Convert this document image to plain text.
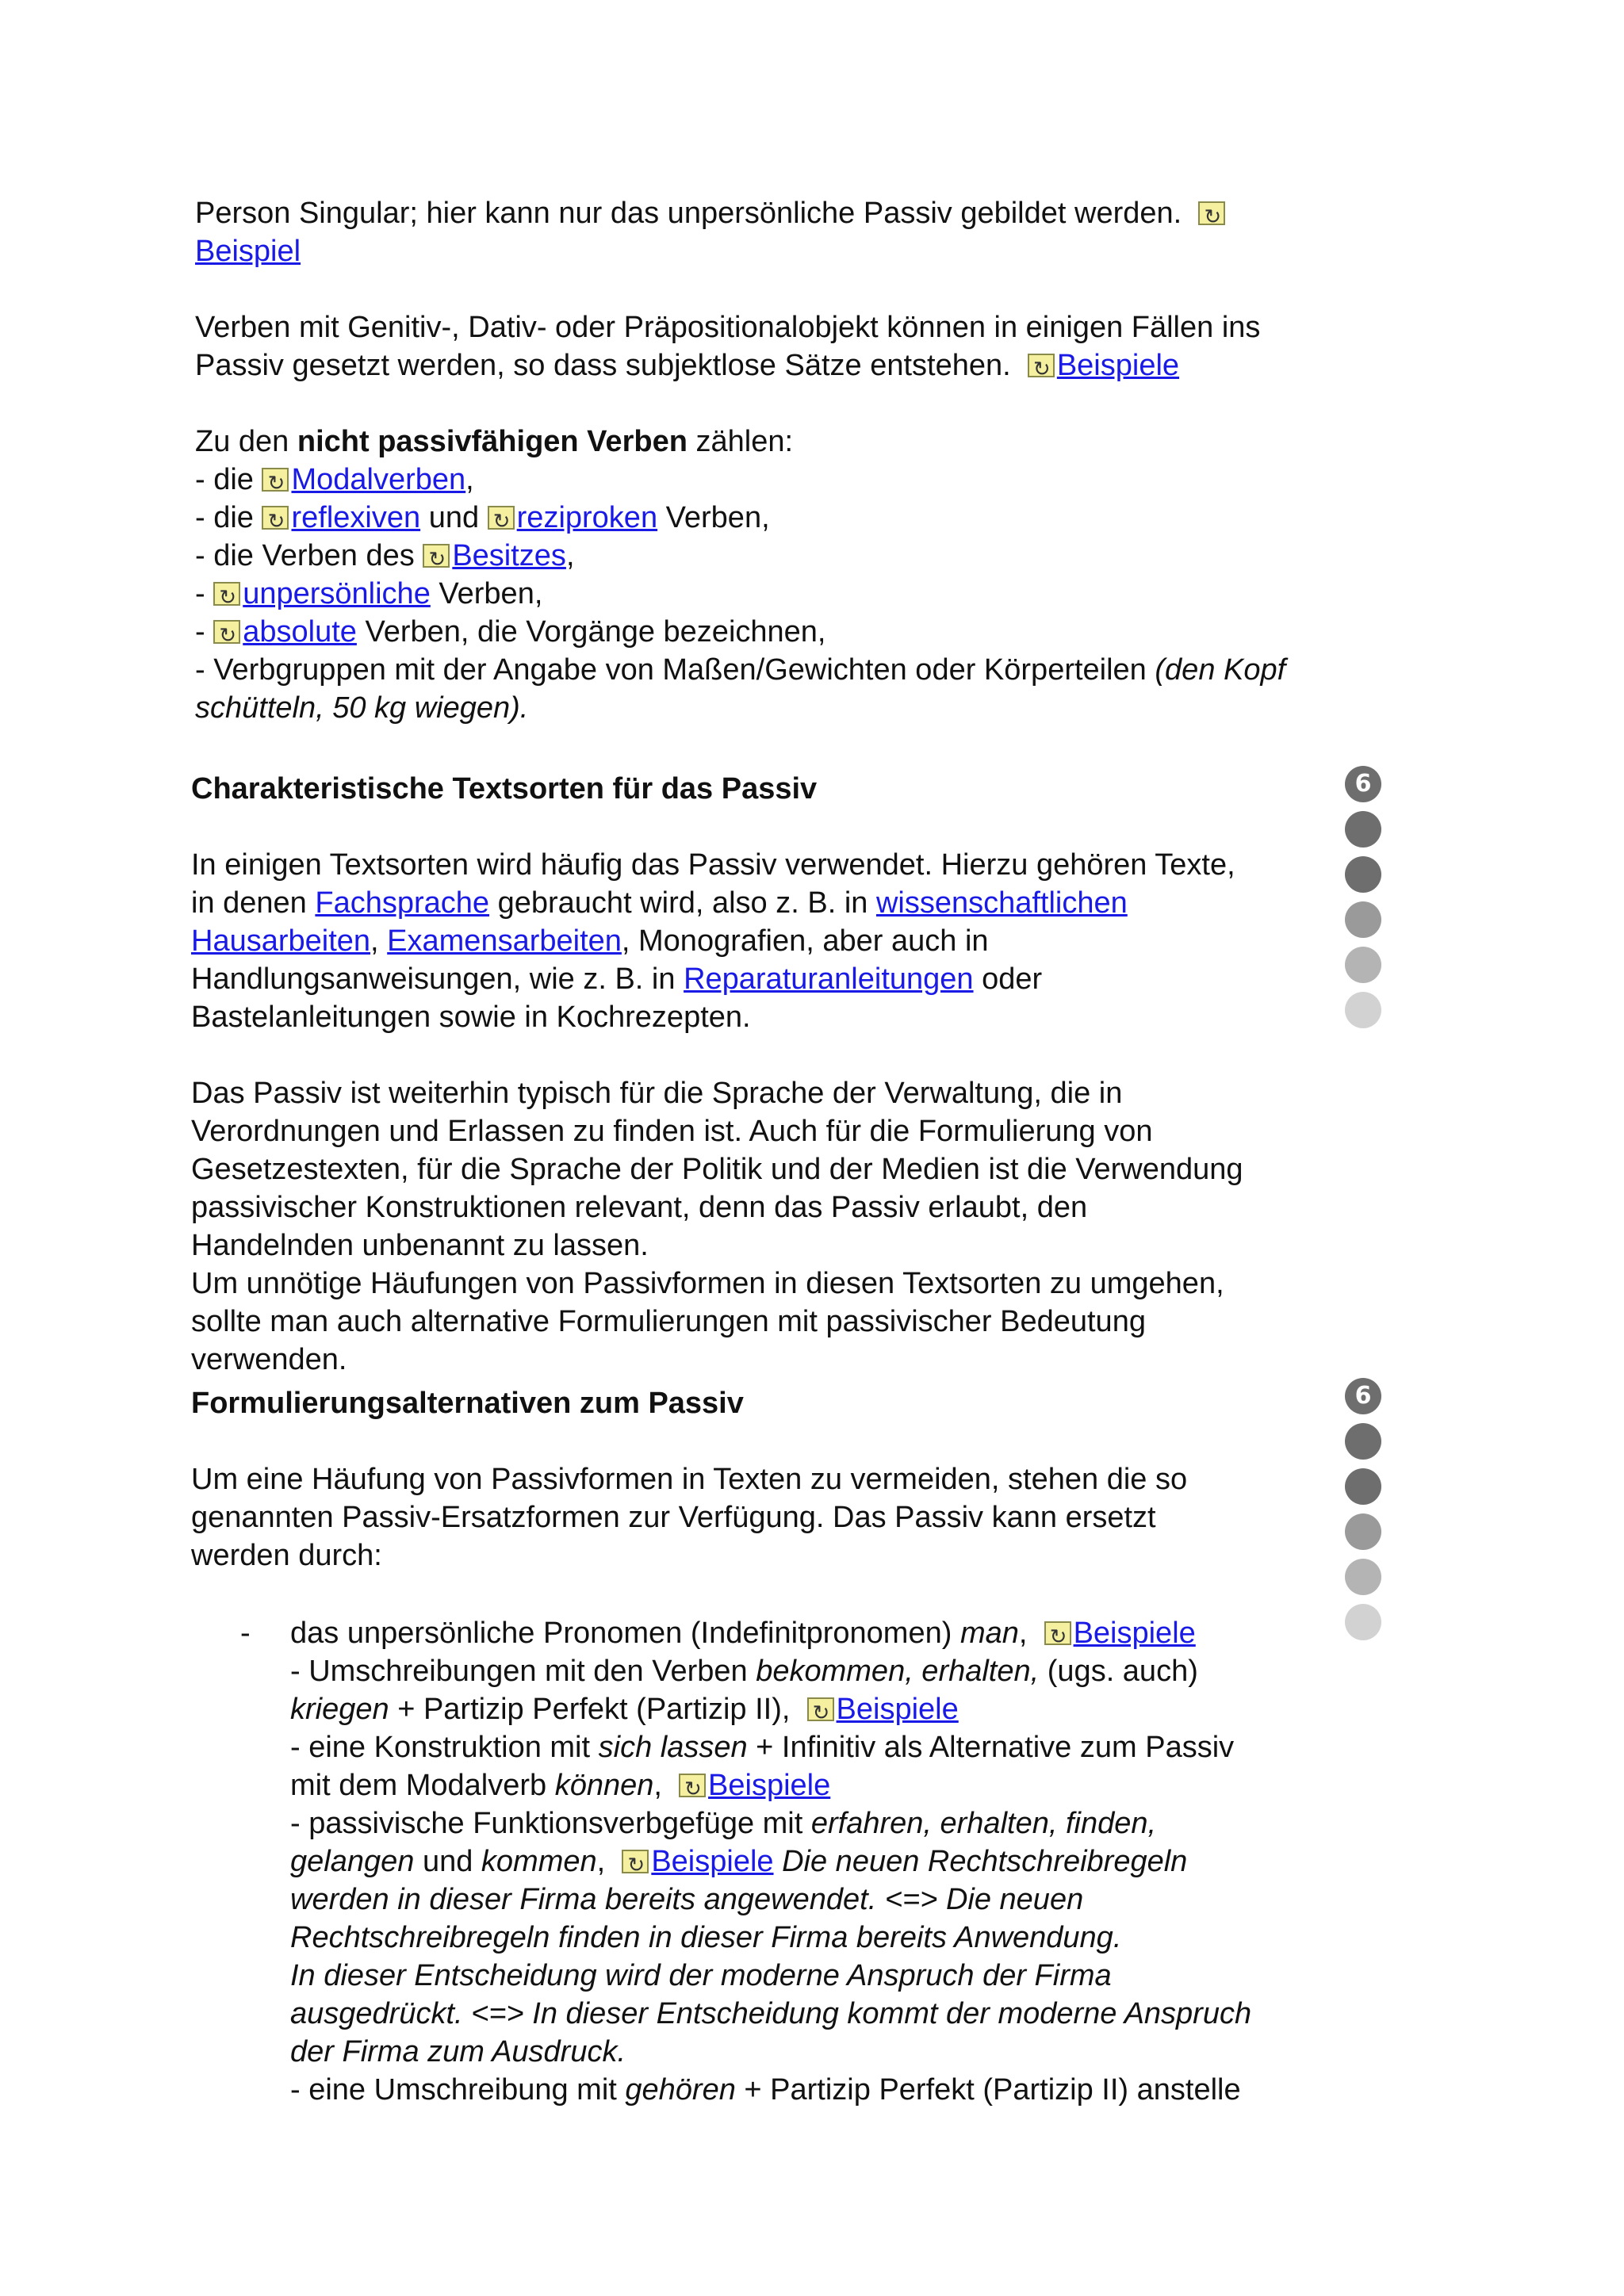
Person Singular; hier kann nur das unpersönliche Passiv gebildet werden.  ↻
Beispiel
Verben mit Genitiv-, Dativ- oder Präpositionalobjekt können in einigen Fällen ins
Passiv gesetzt werden, so dass subjektlose Sätze entstehen. ↻ Beispiele
Zu den nicht passivfähigen Verben zählen:
- die ↻ Modalverben,
- die ↻ reflexiven und ↻ reziproken Verben,
- die Verben des ↻ Besitzes,
- ↻ unpersönliche Verben,
- ↻ absolute Verben, die Vorgänge bezeichnen,
- Verbgruppen mit der Angabe von Maßen/Gewichten oder Körperteilen (den Kopf
schütteln, 50 kg wiegen).
Charakteristische Textsorten für das Passiv
In einigen Textsorten wird häufig das Passiv verwendet. Hierzu gehören Texte,
in denen Fachsprache gebraucht wird, also z. B. in wissenschaftlichen
Hausarbeiten, Examensarbeiten, Monografien, aber auch in
Handlungsanweisungen, wie z. B. in Reparaturanleitungen oder
Bastelanleitungen sowie in Kochrezepten.
Das Passiv ist weiterhin typisch für die Sprache der Verwaltung, die in
Verordnungen und Erlassen zu finden ist. Auch für die Formulierung von
Gesetzestexten, für die Sprache der Politik und der Medien ist die Verwendung
passivischer Konstruktionen relevant, denn das Passiv erlaubt, den
Handelnden unbenannt zu lassen.
Um unnötige Häufungen von Passivformen in diesen Textsorten zu umgehen,
sollte man auch alternative Formulierungen mit passivischer Bedeutung
verwenden.
Formulierungsalternativen zum Passiv
Um eine Häufung von Passivformen in Texten zu vermeiden, stehen die so
genannten Passiv-Ersatzformen zur Verfügung. Das Passiv kann ersetzt
werden durch:
- das unpersönliche Pronomen (Indefinitpronomen) man, ↻ Beispiele
- Umschreibungen mit den Verben bekommen, erhalten, (ugs. auch)
kriegen + Partizip Perfekt (Partizip II), ↻ Beispiele
- eine Konstruktion mit sich lassen + Infinitiv als Alternative zum Passiv
mit dem Modalverb können, ↻ Beispiele
- passivische Funktionsverbgefüge mit erfahren, erhalten, finden,
gelangen und kommen, ↻ Beispiele Die neuen Rechtschreibregeln
werden in dieser Firma bereits angewendet. <=> Die neuen
Rechtschreibregeln finden in dieser Firma bereits Anwendung.
In dieser Entscheidung wird der moderne Anspruch der Firma
ausgedrückt. <=> In dieser Entscheidung kommt der moderne Anspruch
der Firma zum Ausdruck.
- eine Umschreibung mit gehören + Partizip Perfekt (Partizip II) anstelle
6
6
